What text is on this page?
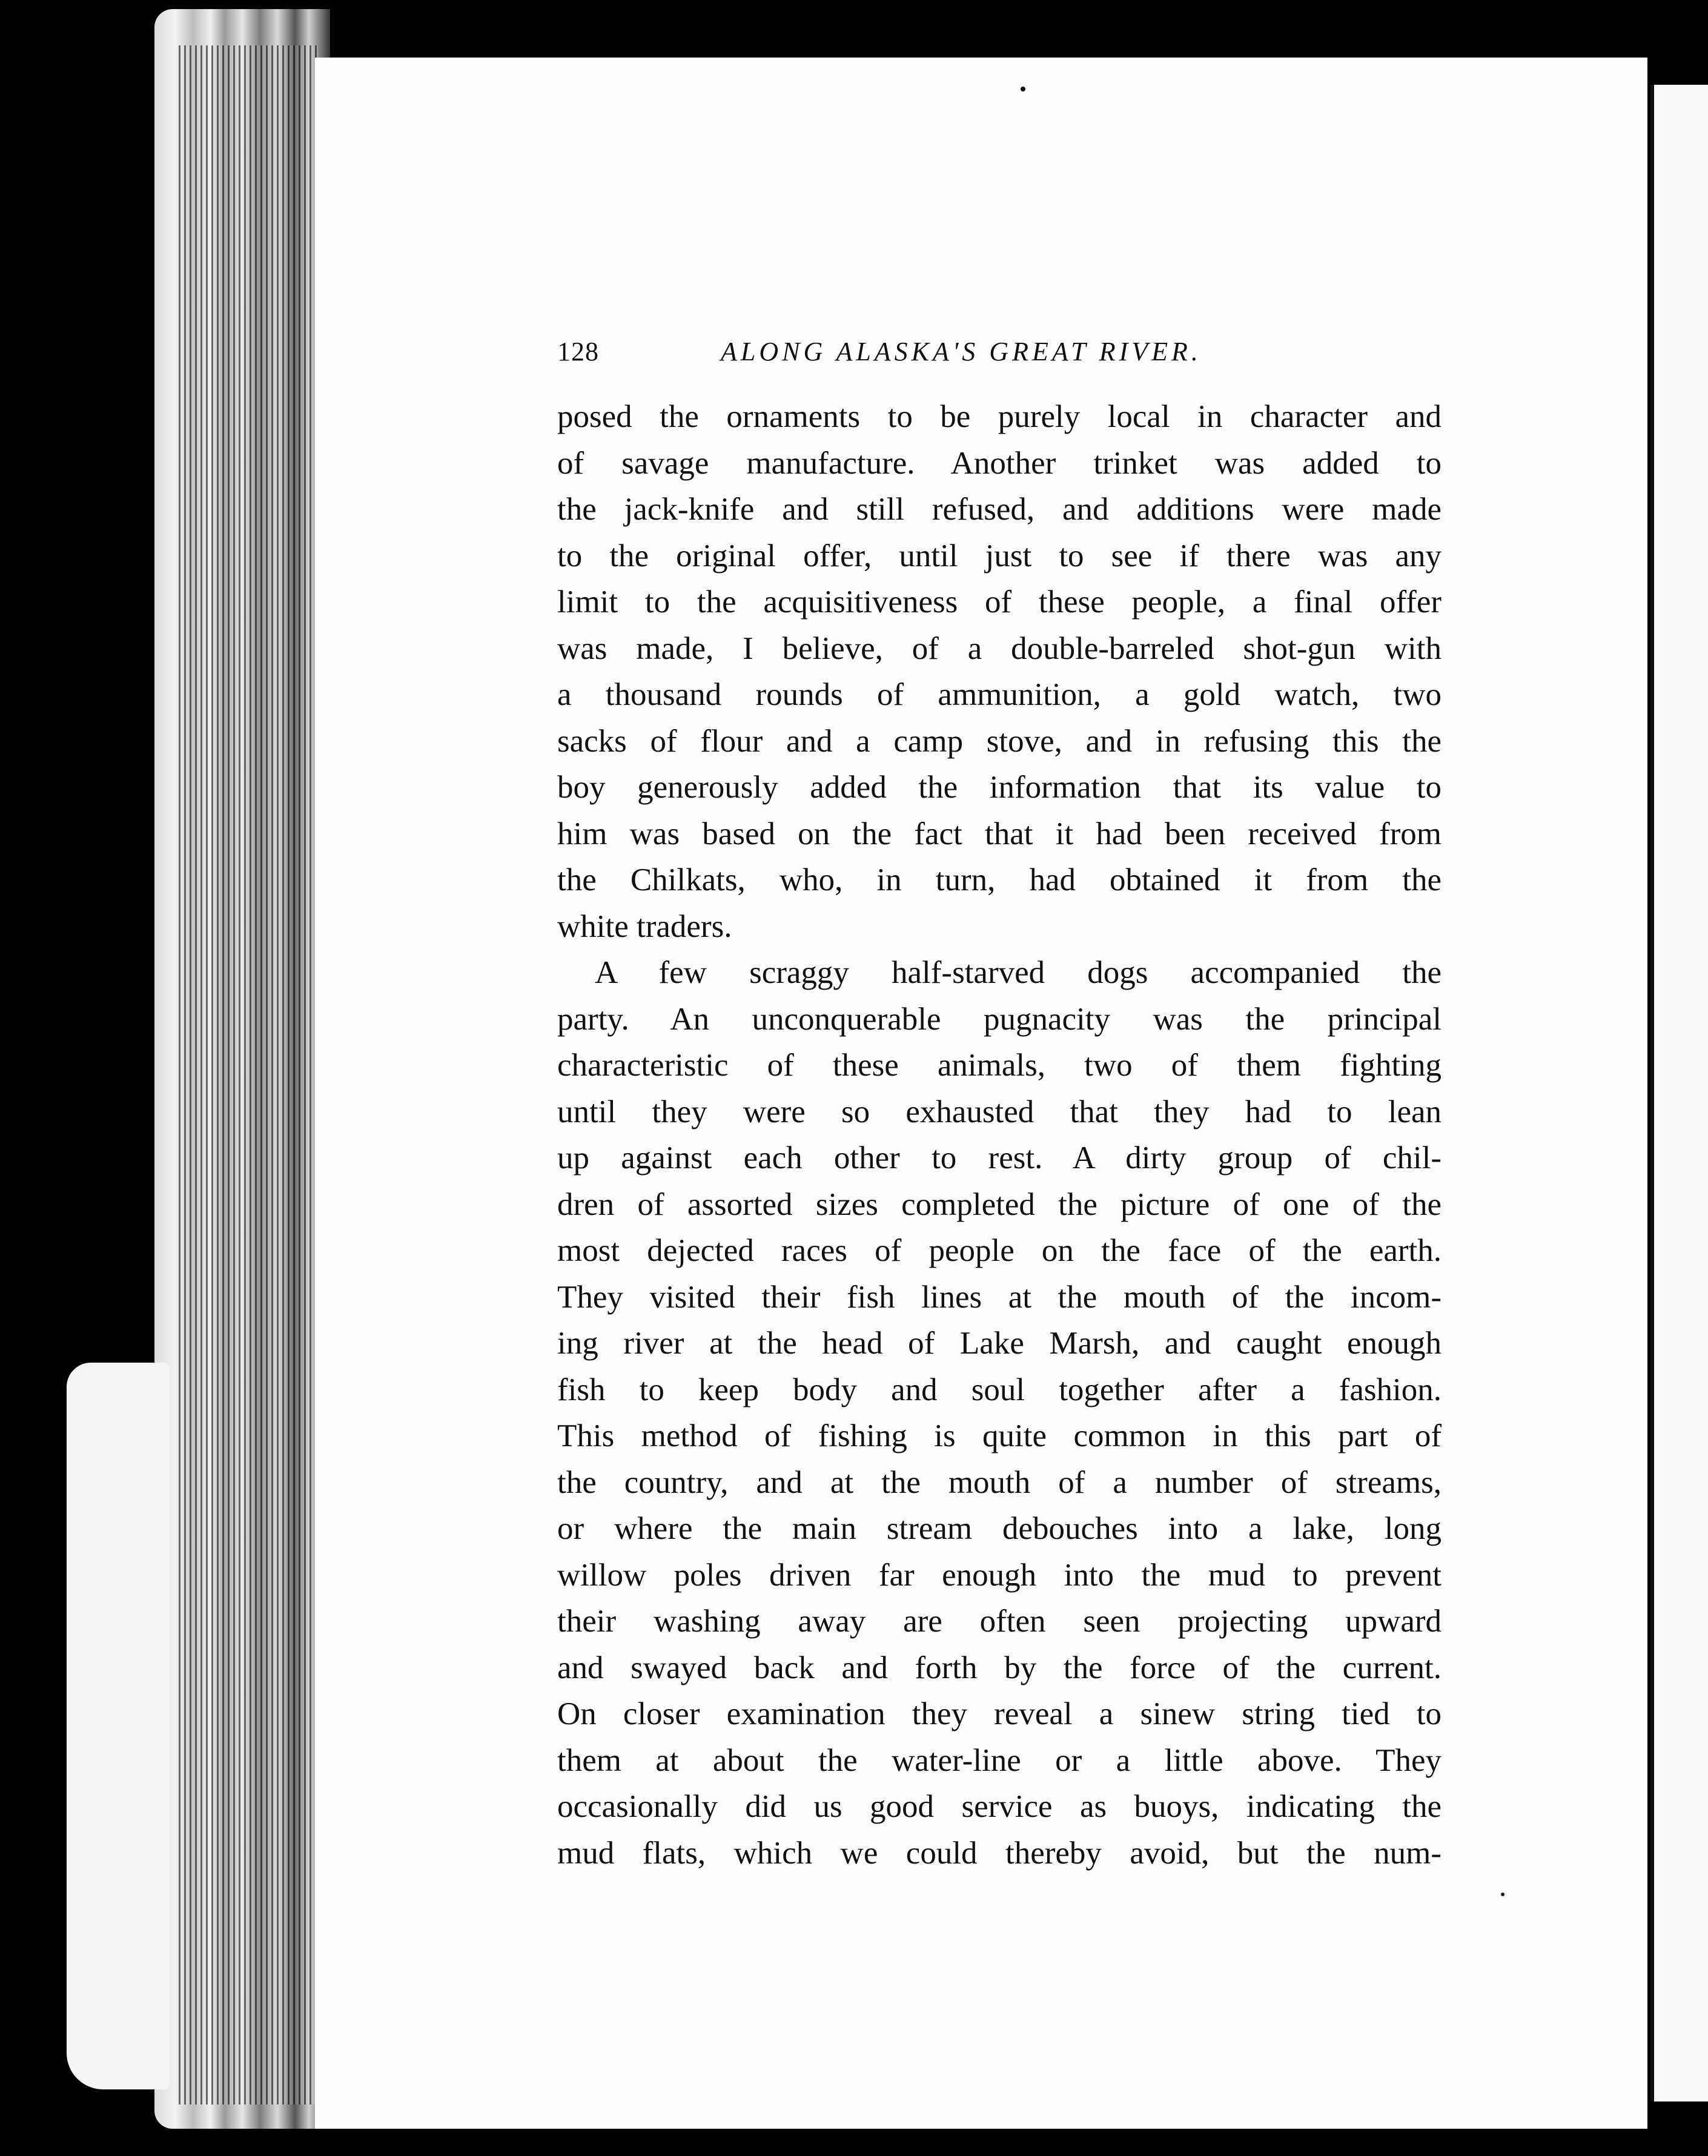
128	ALONG ALASKA'S GREAT RIVER.
posed the ornaments to be purely local in character and
of savage manufacture. Another trinket was added to
the jack-knife and still refused, and additions were made
to the original offer, until just to see if there was any
limit to the acquisitiveness of these people, a final offer
was made, I believe, of a double-barreled shot-gun with
a thousand rounds of ammunition, a gold watch, two
sacks of flour and a camp stove, and in refusing this the
boy generously added the information that its value to
him was based on the fact that it had been received from
the Chilkats, who, in turn, had obtained it from the
white traders.
A few scraggy half-starved dogs accompanied the
party. An unconquerable pugnacity was the principal
characteristic of these animals, two of them fighting
until they were so exhausted that they had to lean
up against each other to rest. A dirty group of chil-
dren of assorted sizes completed the picture of one of the
most dejected races of people on the face of the earth.
They visited their fish lines at the mouth of the incom-
ing river at the head of Lake Marsh, and caught enough
fish to keep body and soul together after a fashion.
This method of fishing is quite common in this part of
the country, and at the mouth of a number of streams,
or where the main stream debouches into a lake, long
willow poles driven far enough into the mud to prevent
their washing away are often seen projecting upward
and swayed back and forth by the force of the current.
On closer examination they reveal a sinew string tied to
them at about the water-line or a little above. They
occasionally did us good service as buoys, indicating the
mud flats, which we could thereby avoid, but the num-
